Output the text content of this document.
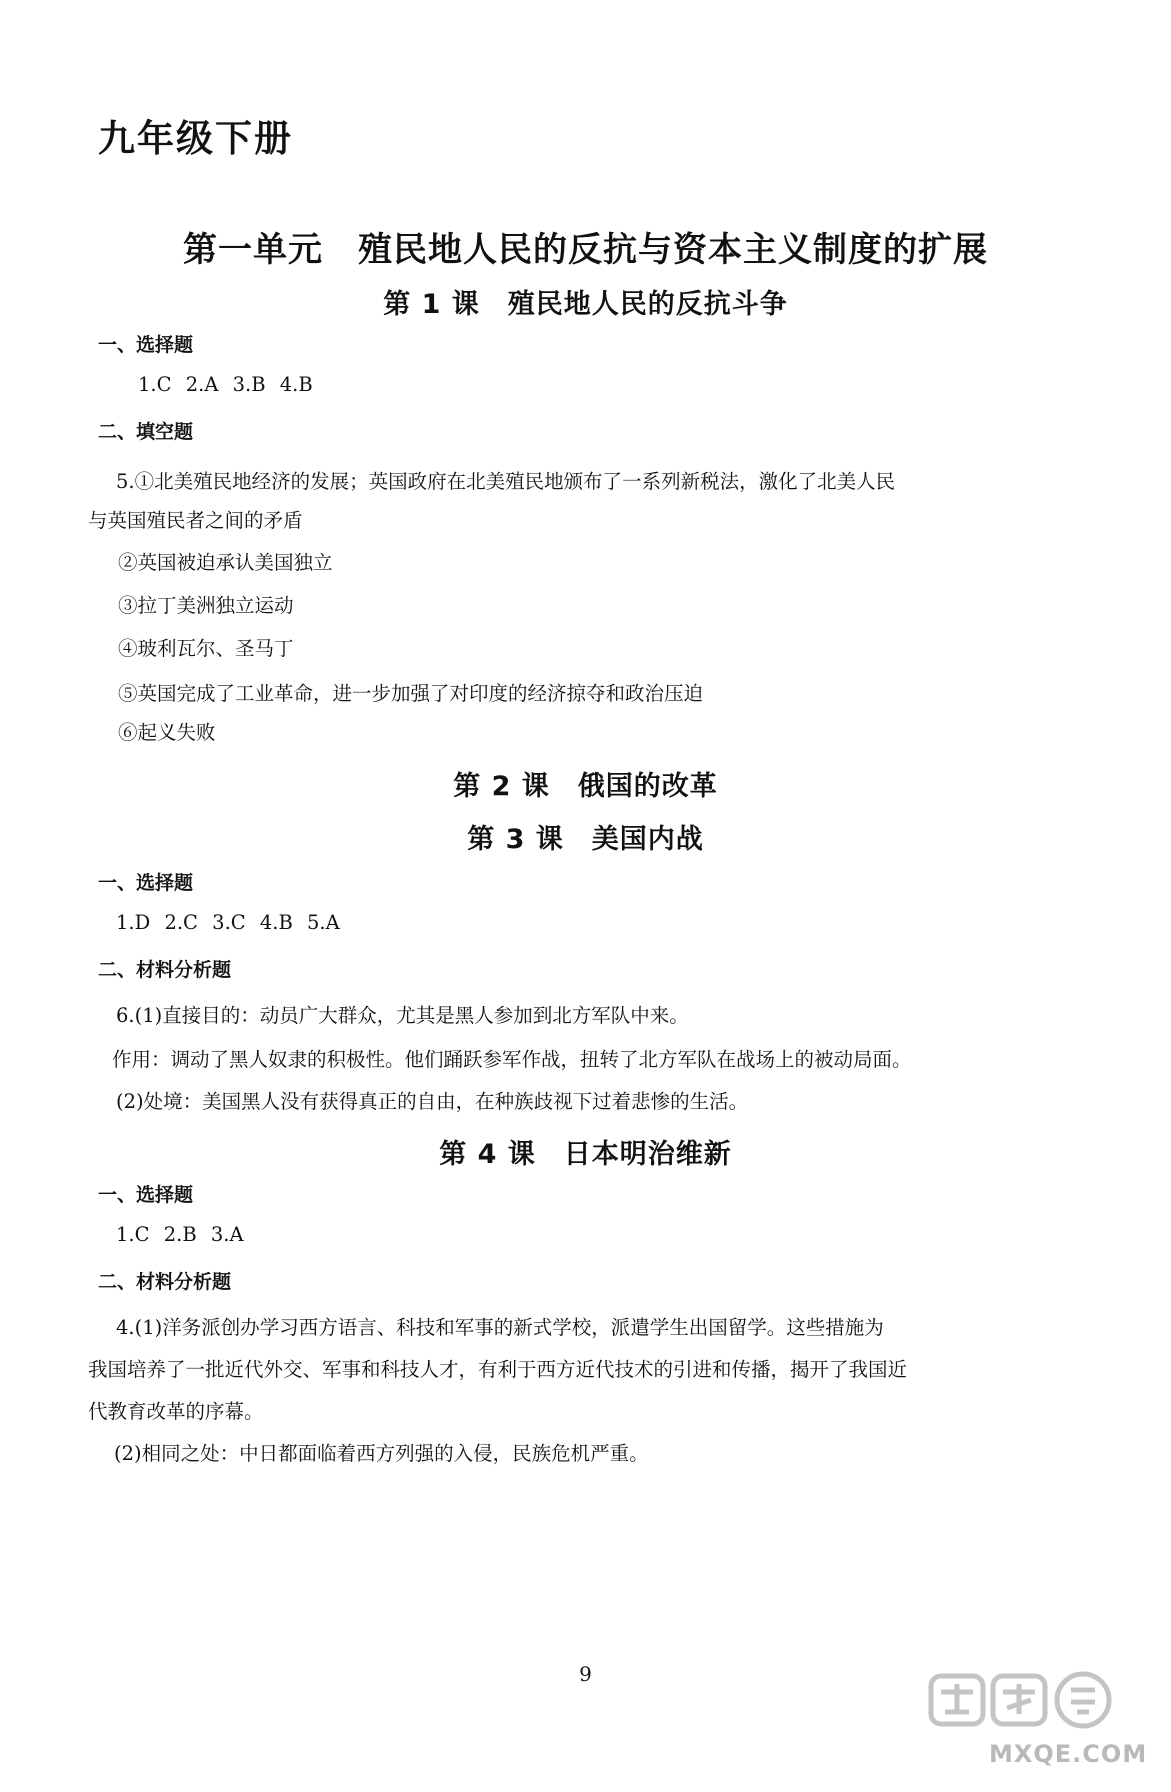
九年级下册
第一单元　殖民地人民的反抗与资本主义制度的扩展
第 1 课　殖民地人民的反抗斗争
一、选择题
1.C 2.A 3.B 4.B
二、填空题
5.①北美殖民地经济的发展；英国政府在北美殖民地颁布了一系列新税法，激化了北美人民
与英国殖民者之间的矛盾
②英国被迫承认美国独立
③拉丁美洲独立运动
④玻利瓦尔、圣马丁
⑤英国完成了工业革命，进一步加强了对印度的经济掠夺和政治压迫
⑥起义失败
第 2 课　俄国的改革
第 3 课　美国内战
一、选择题
1.D 2.C 3.C 4.B 5.A
二、材料分析题
6.(1)直接目的：动员广大群众，尤其是黑人参加到北方军队中来。
作用：调动了黑人奴隶的积极性。他们踊跃参军作战，扭转了北方军队在战场上的被动局面。
(2)处境：美国黑人没有获得真正的自由，在种族歧视下过着悲惨的生活。
第 4 课　日本明治维新
一、选择题
1.C 2.B 3.A
二、材料分析题
4.(1)洋务派创办学习西方语言、科技和军事的新式学校，派遣学生出国留学。这些措施为
我国培养了一批近代外交、军事和科技人才，有利于西方近代技术的引进和传播，揭开了我国近
代教育改革的序幕。
(2)相同之处：中日都面临着西方列强的入侵，民族危机严重。
9
MXQE.COM
